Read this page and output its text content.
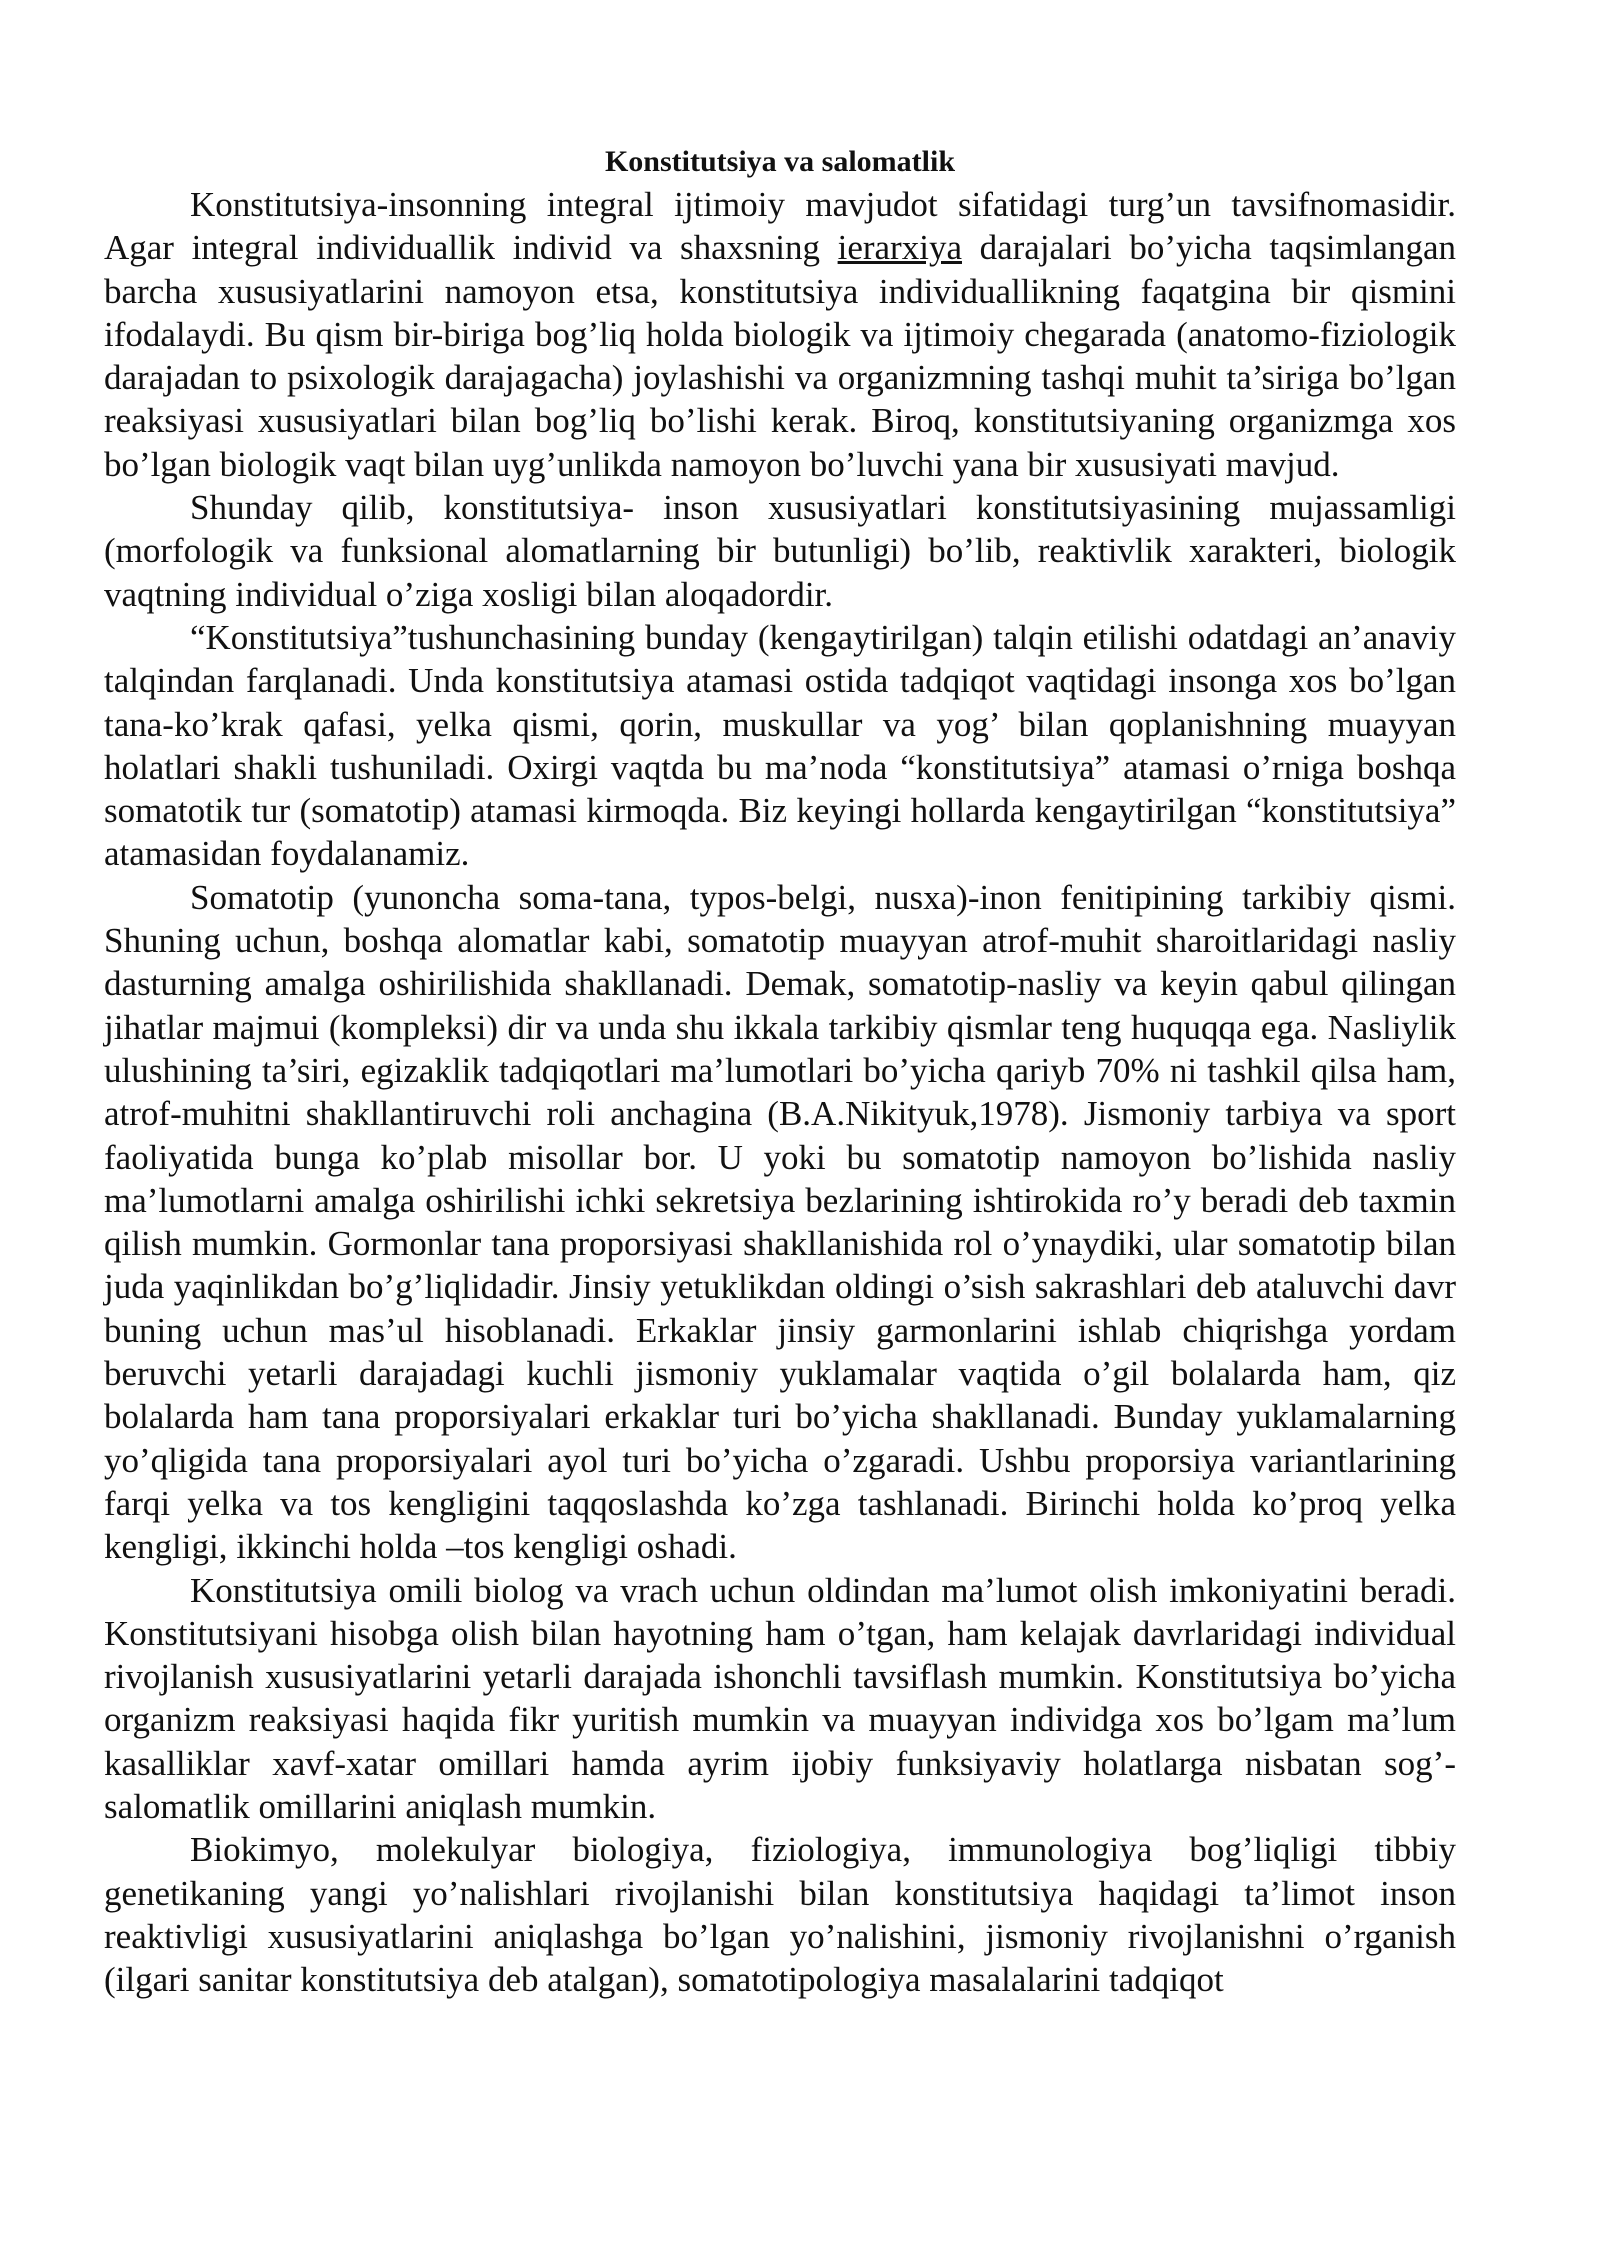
Konstitutsiya va salomatlik

Konstitutsiya-insonning integral ijtimoiy mavjudot sifatidagi turg’un tavsifnomasidir. Agar integral individuallik individ va shaxsning ierarxiya darajalari bo’yicha taqsimlangan barcha xususiyatlarini namoyon etsa, konstitutsiya individuallikning faqatgina bir qismini ifodalaydi. Bu qism bir-biriga bog’liq holda biologik va ijtimoiy chegarada (anatomo-fiziologik darajadan to psixologik darajagacha) joylashishi va organizmning tashqi muhit ta’siriga bo’lgan reaksiyasi xususiyatlari bilan bog’liq bo’lishi kerak. Biroq, konstitutsiyaning organizmga xos bo’lgan biologik vaqt bilan uyg’unlikda namoyon bo’luvchi yana bir xususiyati mavjud.

Shunday qilib, konstitutsiya- inson xususiyatlari konstitutsiyasining mujassamligi (morfologik va funksional alomatlarning bir butunligi) bo’lib, reaktivlik xarakteri, biologik vaqtning individual o’ziga xosligi bilan aloqadordir.

“Konstitutsiya”tushunchasining bunday (kengaytirilgan) talqin etilishi odatdagi an’anaviy talqindan farqlanadi. Unda konstitutsiya atamasi ostida tadqiqot vaqtidagi insonga xos bo’lgan tana-ko’krak qafasi, yelka qismi, qorin, muskullar va yog’ bilan qoplanishning muayyan holatlari shakli tushuniladi. Oxirgi vaqtda bu ma’noda “konstitutsiya” atamasi o’rniga boshqa somatotik tur (somatotip) atamasi kirmoqda. Biz keyingi hollarda kengaytirilgan “konstitutsiya” atamasidan foydalanamiz.

Somatotip (yunoncha soma-tana, typos-belgi, nusxa)-inon fenitipining tarkibiy qismi. Shuning uchun, boshqa alomatlar kabi, somatotip muayyan atrof-muhit sharoitlaridagi nasliy dasturning amalga oshirilishida shakllanadi. Demak, somatotip-nasliy va keyin qabul qilingan jihatlar majmui (kompleksi) dir va unda shu ikkala tarkibiy qismlar teng huquqqa ega. Nasliylik ulushining ta’siri, egizaklik tadqiqotlari ma’lumotlari bo’yicha qariyb 70% ni tashkil qilsa ham, atrof-muhitni shakllantiruvchi roli anchagina (B.A.Nikityuk,1978). Jismoniy tarbiya va sport faoliyatida bunga ko’plab misollar bor. U yoki bu somatotip namoyon bo’lishida nasliy ma’lumotlarni amalga oshirilishi ichki sekretsiya bezlarining ishtirokida ro’y beradi deb taxmin qilish mumkin. Gormonlar tana proporsiyasi shakllanishida rol o’ynaydiki, ular somatotip bilan juda yaqinlikdan bo’g’liqlidadir. Jinsiy yetuklikdan oldingi o’sish sakrashlari deb ataluvchi davr buning uchun mas’ul hisoblanadi. Erkaklar jinsiy garmonlarini ishlab chiqrishga yordam beruvchi yetarli darajadagi kuchli jismoniy yuklamalar vaqtida o’gil bolalarda ham, qiz bolalarda ham tana proporsiyalari erkaklar turi bo’yicha shakllanadi. Bunday yuklamalarning yo’qligida tana proporsiyalari ayol turi bo’yicha o’zgaradi. Ushbu proporsiya variantlarining farqi yelka va tos kengligini taqqoslashda ko’zga tashlanadi. Birinchi holda ko’proq yelka kengligi, ikkinchi holda –tos kengligi oshadi.

Konstitutsiya omili biolog va vrach uchun oldindan ma’lumot olish imkoniyatini beradi. Konstitutsiyani hisobga olish bilan hayotning ham o’tgan, ham kelajak davrlaridagi individual rivojlanish xususiyatlarini yetarli darajada ishonchli tavsiflash mumkin. Konstitutsiya bo’yicha organizm reaksiyasi haqida fikr yuritish mumkin va muayyan individga xos bo’lgam ma’lum kasalliklar xavf-xatar omillari hamda ayrim ijobiy funksiyaviy holatlarga nisbatan sog’-salomatlik omillarini aniqlash mumkin.

Biokimyo, molekulyar biologiya, fiziologiya, immunologiya bog’liqligi tibbiy genetikaning yangi yo’nalishlari rivojlanishi bilan konstitutsiya haqidagi ta’limot inson reaktivligi xususiyatlarini aniqlashga bo’lgan yo’nalishini, jismoniy rivojlanishni o’rganish (ilgari sanitar konstitutsiya deb atalgan), somatotipologiya masalalarini tadqiqot
